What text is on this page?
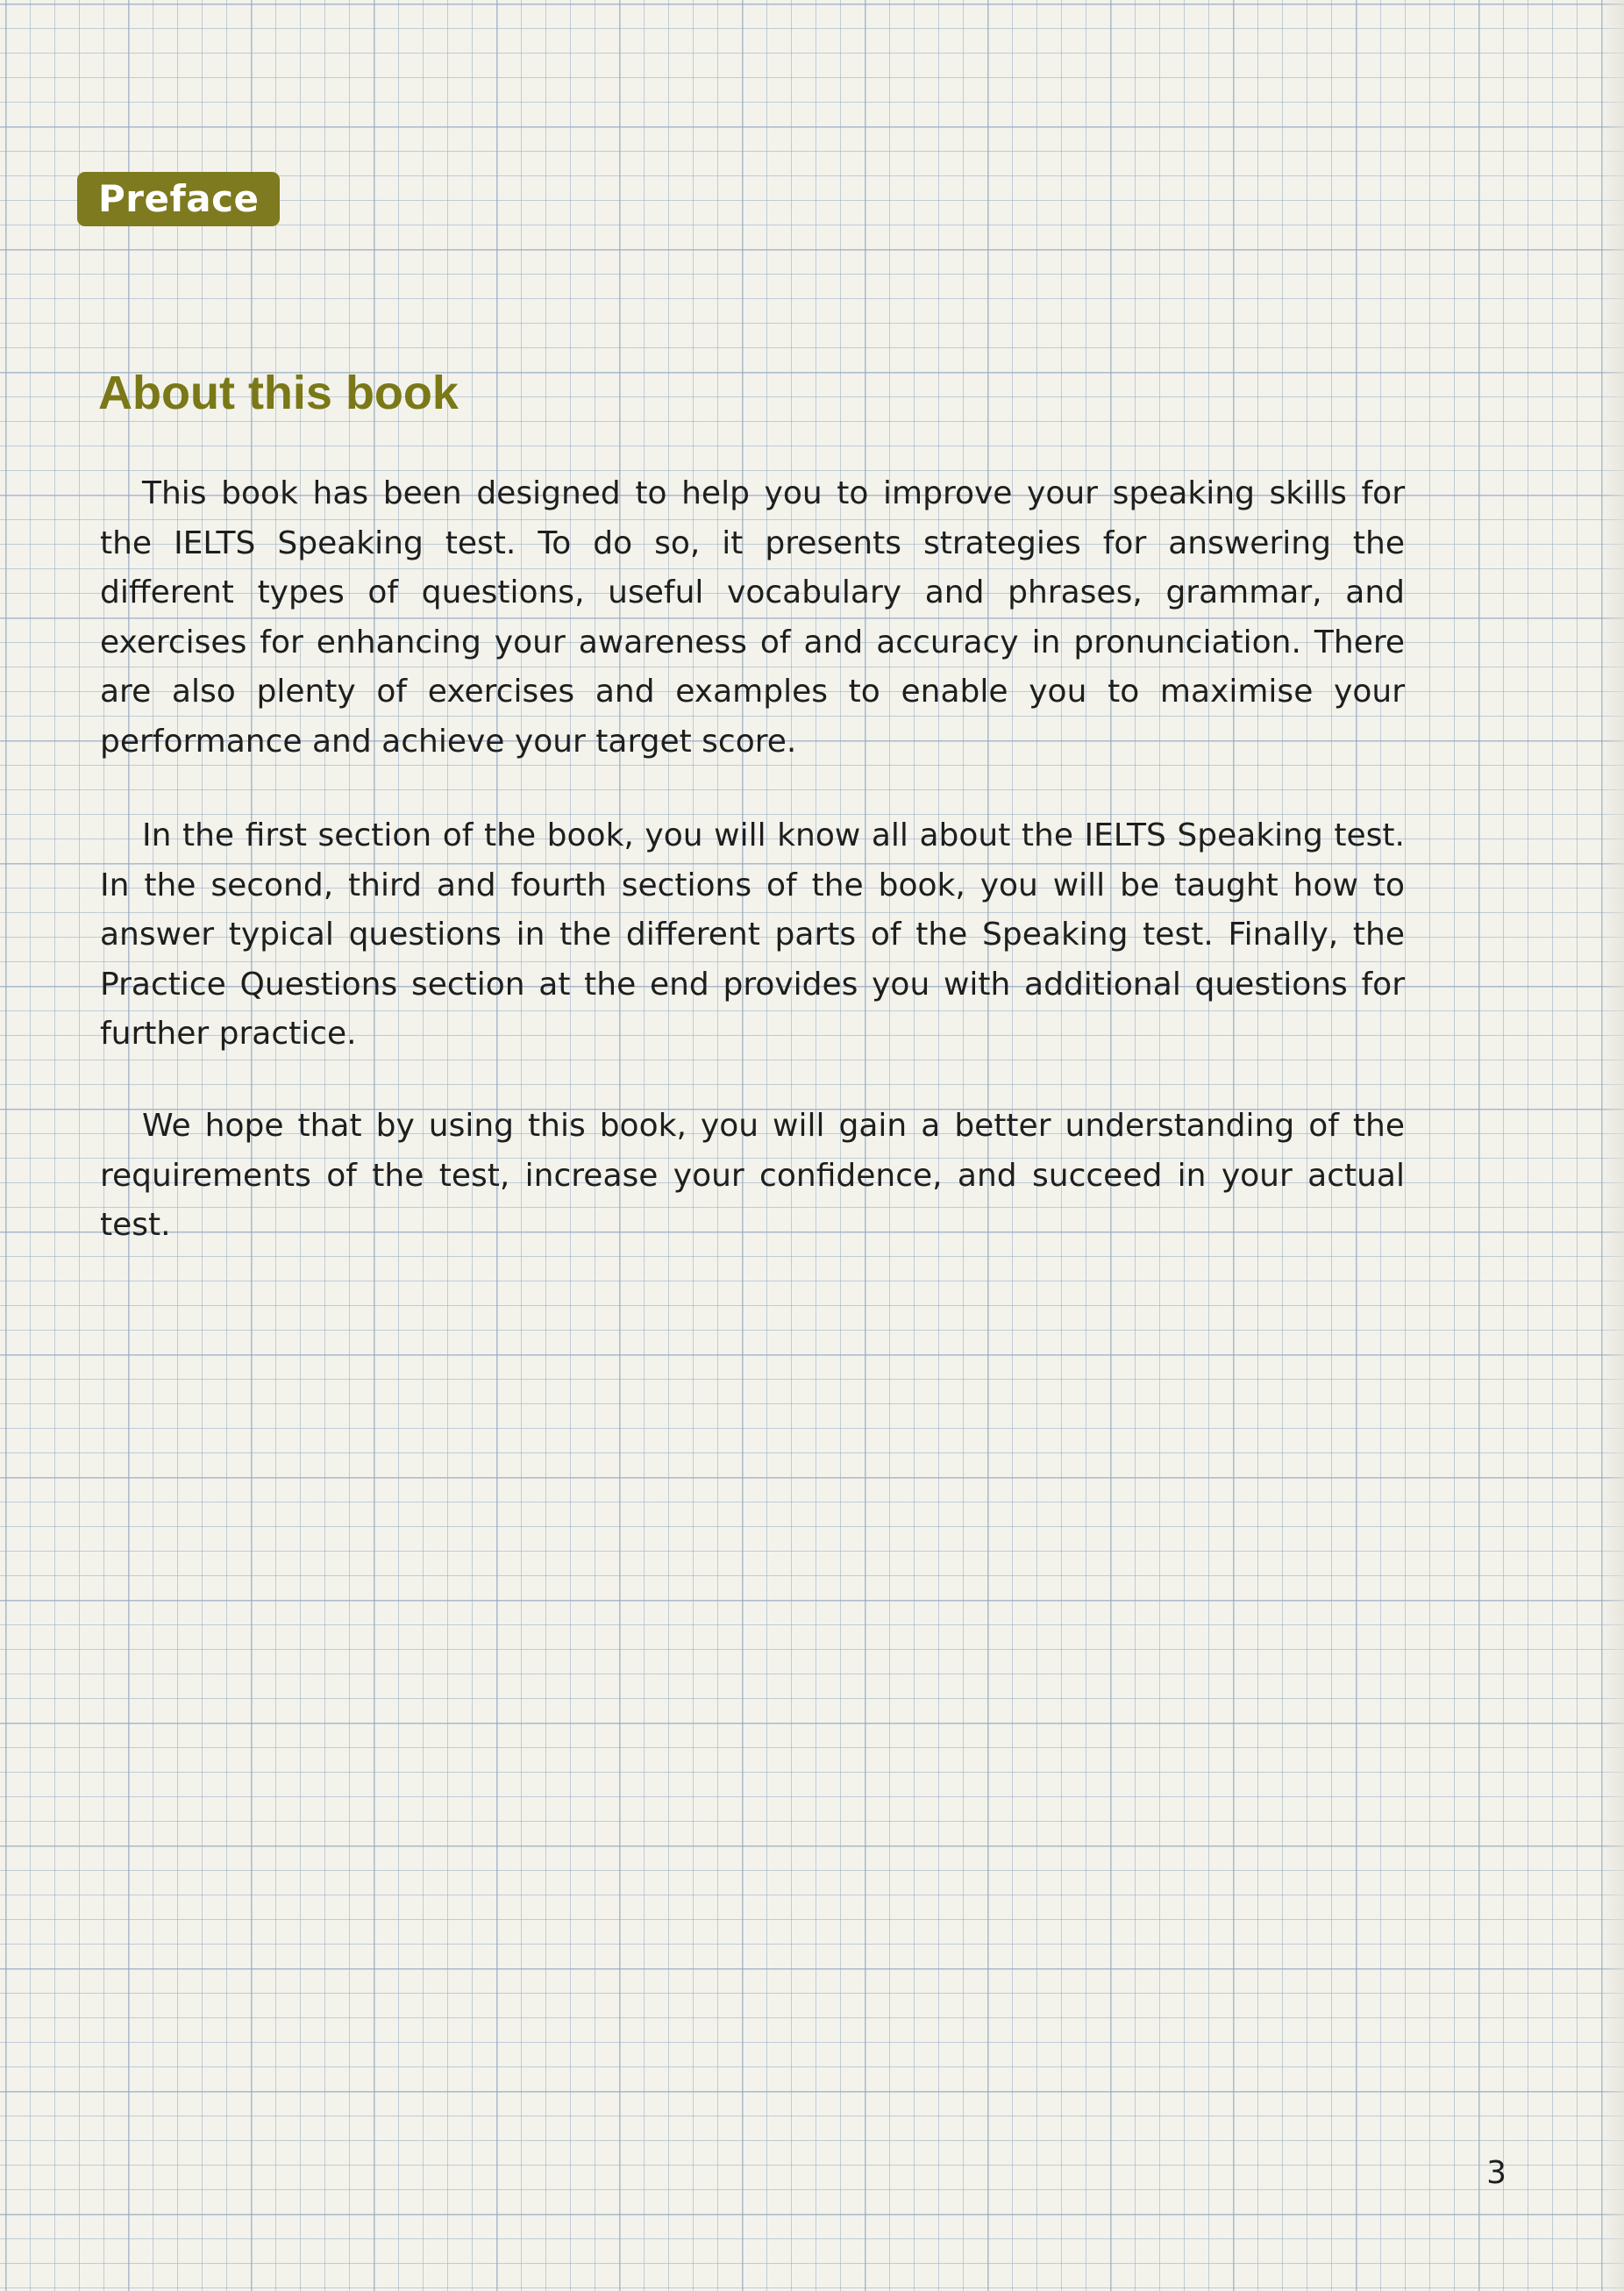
Preface
About this book

This book has been designed to help you to improve your speaking skills for the IELTS Speaking test. To do so, it presents strategies for answering the different types of questions, useful vocabulary and phrases, grammar, and exercises for enhancing your awareness of and accuracy in pronunciation. There are also plenty of exercises and examples to enable you to maximise your performance and achieve your target score.

In the first section of the book, you will know all about the IELTS Speaking test. In the second, third and fourth sections of the book, you will be taught how to answer typical questions in the different parts of the Speaking test. Finally, the Practice Questions section at the end provides you with additional questions for further practice.

We hope that by using this book, you will gain a better understanding of the requirements of the test, increase your confidence, and succeed in your actual test.

3
